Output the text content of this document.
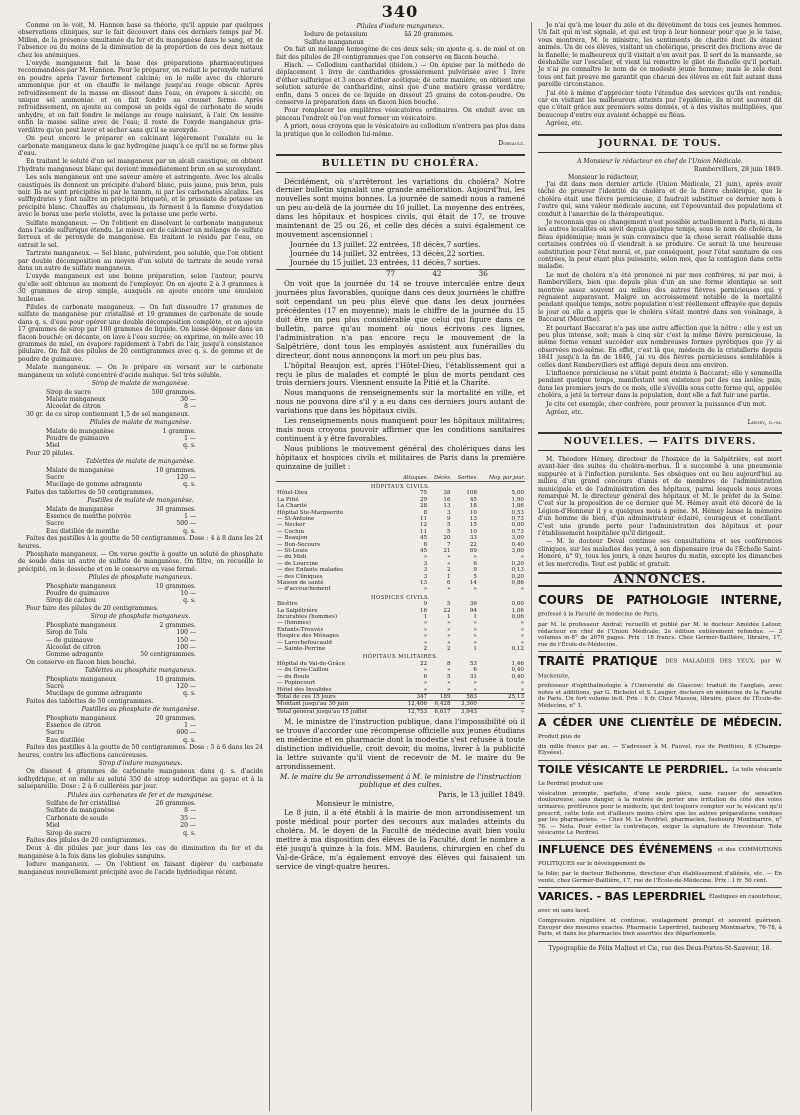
340

Comme on le voit, M. Hannon base sa théorie, qu'il appuie par quelques observations cliniques, sur le fait découvert dans ces derniers temps par M. Millon, de la présence simultanée du fer et du manganèse dans le sang, et de l'absence ou du moins de la diminution de la proportion de ces deux métaux chez les anémiques.

L'oxyde manganeux fait la base des préparations pharmaceutiques recommandées par M. Hannon. Pour le préparer, on réduit le peroxyde naturel en poudre après l'avoir fortement calciné; on le mêle avec du chlorure ammonique pur et on chauffe le mélange jusqu'au rouge obscur. Après refroidissement de la masse on dissout dans l'eau, on évapore à siccité; on unique sel ammoniac et on fait fondre au creuset fermé. Après refroidissement, on ajoute au composé un poids égal de carbonate de soude anhydre, et on fait fondre le mélange au rouge naissant, à l'air. On lessive enfin la masse saline avec de l'eau; il reste de l'oxyde manganeux gris-verdâtre qu'on peut laver et sécher sans qu'il se suroxyde.

On peut encore le préparer en calcinant légèrement l'oxalate ou le carbonate manganeux dans le gaz hydrogène jusqu'à ce qu'il ne se forme plus d'eau.

En traitant le soluté d'un sel manganeux par un alcali caustique, on obtient l'hydrate manganeux blanc qui devient immédiatement brun en se suroxydant.

Les sels manganeux ont une saveur amère et astringente. Avec les alcalis caustiques ils donnent un précipité d'abord blanc, puis jaune, puis brun, puis noir. Ils ne sont précipités ni par le tannin, ni par les carbonates alcalins. Les sulfhydrates y font naître un précipité briqueté, et le prussiate de potasse un précipité blanc. Chauffés au chalumeau, ils forment à la flamme d'oxydation avec le borax une perle violette, avec la potasse une perle verte.

Sulfate manganeux. — On l'obtient en dissolvant le carbonate manganeux dans l'acide sulfurique étendu. Le mieux est de calciner un mélange de sulfate ferreux et de peroxyde de manganèse. En traitant le résidu par l'eau, on extrait le sel.

Tartrate manganeux. — Sel blanc, pulvérulent, peu soluble, que l'on obtient par double décomposition au moyen d'un soluté de tartrate de soude versé dans un autre de sulfate manganeux.

L'oxyde manganeux est une bonne préparation, selon l'auteur, pourvu qu'elle soit obtenue au moment de l'employer. On en ajoute 2 à 3 grammes à 30 grammes de sirop simple, auxquels on ajoute encore une émulsion huileuse.

Pilules de carbonate manganeux. — On fait dissoudre 17 grammes de sulfate de manganèse pur cristallisé et 19 grammes de carbonate de soude dans q. s. d'eau pour opérer une double décomposition complète, et on ajoute 17 grammes de sirop par 100 grammes de liquide. On laisse déposer dans un flacon bouché; on décante, on lave à l'eau sucrée; on exprime, on mêle avec 10 grammes de miel, on évapore rapidement à l'abri de l'air, jusqu'à consistance pilulaire. On fait des pilules de 20 centigrammes avec q. s. de gomme et de poudre de guimauve.

Malate manganeux. — On le prépare en versant sur le carbonate manganeux un soluté concentré d'acide malique. Sel très soluble.

Sirop de malate de manganèse.
Sirop de sucre	500 grammes.
Malate manganeux	30 —
Alcoolat de citron	8 —

30 gr. de ce sirop contiennent 1,5 de sel manganeux.

Pilules de malate de manganèse.
Malate de manganèse	1 gramme.
Poudre de guimauve	1 —
Miel	q. s.

Pour 20 pilules.

Tablettes de malate de manganèse.
Malate de manganèse	10 grammes.
Sucre	120 —
Mucilage de gomme adragante	q. s.

Faites des tablettes de 50 centigrammes.

Pastilles de malate de manganèse.
Malate de manganèse	30 grammes.
Essence de menthe poivrée	1 —
Sucre	500 —
Eau distillée de menthe	q. s.

Faites des pastilles à la goutte de 50 centigrammes. Dose : 4 à 8 dans les 24 heures.

Phosphate manganeux. — On verse goutte à goutte un soluté de phosphate de soude dans un autre de sulfate de manganèse. On filtre, on recueille le précipité, on le dessèche et on le conserve en vase fermé.

Pilules de phosphate manganeux.
Phosphate manganeux	10 grammes.
Poudre de guimauve	10 —
Sirop de cachou	q. s.

Pour faire des pilules de 20 centigrammes.

Sirop de phosphate manganeux.
Phosphate manganeux	2 grammes.
Sirop de Tolu	100 —
— de guimauve	150 —
Alcoolat de citron	100 —
Gomme adragante	50 centigrammes.

On conserve en flacon bien bouché.

Tablettes au phosphate manganeux.
Phosphate manganeux	10 grammes.
Sucre	120 —
Mucilage de gomme adragante	q. s.

Faites des tablettes de 50 centigrammes.

Pastilles au phosphate de manganèse.
Phosphate manganeux	20 grammes.
Essence de citron	1 —
Sucre	600 —
Eau distillée	q. s.

Faites des pastilles à la goutte de 50 centigrammes. Dose : 5 à 6 dans les 24 heures, contre les affections cancéreuses.

Sirop d'iodure manganeux.

On dissout 4 grammes de carbonate manganeux dans q. s. d'acide iodhydrique, et on mêle au soluté 350 de sirop sudorifique au gayac et à la salsepareille. Dose : 2 à 6 cuillerées par jour.

Pilules aux carbonates de fer et de manganèse.
Sulfate de fer cristallisé	26 grammes.
Sulfate de manganèse	8 —
Carbonate de soude	35 —
Miel	20 —
Sirop de sucre	q. s.

Faites des pilules de 20 centigrammes.

Deux à dix pilules par jour dans les cas de diminution du fer et du manganèse à la fois dans les globules sanguins.

Iodure manganeux. — On l'obtient en faisant digérer du carbonate manganeux nouvellement précipité avec de l'acide hydriodique récent.

Pilules d'iodure manganeux.
Iodure de potassium	ãã 20 grammes.
Sulfate manganeux

On fait un mélange homogène de ces deux sels; on ajoute q. s. de miel et on fait des pilules de 20 centigrammes que l'on conserve en flacon bouché.

Hisch. — Collodium cantharidal (ibidem.) — On épuise par la méthode de déplacement 1 livre de cantharides grossièrement pulvérisée avec 1 livre d'éther sulfurique et 3 onces d'éther acétique; de cette manière, on obtient une solution saturée de cantharidine, ainsi que d'une matière grasse verdâtre; enfin, dans 5 onces de ce liquide on dissout 25 grains de coton-poudre. On conserve la préparation dans un flacon bien bouché.

Pour remplacer les emplâtres vésicatoires ordinaires. On enduit avec un pinceau l'endroit où l'on veut former un vésicatoire.

A priori, nous croyons que le vésicatoire au collodium n'entrera pas plus dans la pratique que le collodion lui-même.

Dorvault.
BULLETIN DU CHOLÉRA.

Décidément, où s'arrêteront les variations du choléra? Notre dernier bulletin signalait une grande amélioration. Aujourd'hui, les nouvelles sont moins bonnes. La journée de samedi nous a ramené un peu au-delà de la journée du 10 juillet. La moyenne des entrées, dans les hôpitaux et hospices civils, qui était de 17, se trouve maintenant de 25 ou 26, et celle des décès a suivi également ce mouvement ascensionnel :

Journée du 13 juillet. 22 entrées, 18 décès, 7 sorties.
Journée du 14 juillet. 32 entrées, 13 décès, 22 sorties.
Journée du 15 juillet. 23 entrées, 11 décès, 7 sorties.
77	42	36

On voit que la journée du 14 se trouve intercalée entre deux journées plus favorables, quoique dans ces deux journées le chiffre soit cependant un peu plus élevé que dans les deux journées précédentes (17 en moyenne); mais le chiffre de la journée du 15 doit être un peu plus considérable que celui qui figure dans ce bulletin, parce qu'au moment où nous écrivons ces lignes, l'administration n'a pas encore reçu le mouvement de la Salpêtrière, dont tous les employés assistent aux funérailles du directeur, dont nous annonçons la mort un peu plus bas.

L'hôpital Beaujon est, après l'Hôtel-Dieu, l'établissement qui a reçu le plus de malades et compté le plus de morts pendant ces trois derniers jours. Viennent ensuite la Pitié et la Charité.

Nous manquons de renseignements sur la mortalité en ville, et nous ne pouvons dire s'il y a eu dans ces derniers jours autant de variations que dans les hôpitaux civils.

Les renseignements nous manquent pour les hôpitaux militaires; mais nous croyons pouvoir affirmer que les conditions sanitaires continuent à y être favorables.

Nous publions le mouvement général des cholériques dans les hôpitaux et hospices civils et militaires de Paris dans la première quinzaine de juillet :

	Attaques.	Décès.	Sorties.	Moy. par jour.
HÔPITAUX CIVILS.				
Hôtel-Dieu	75	38	108	5,00
La Pitié	29	16	45	1,90
La Charité	28	13	18	1,86
Hôpital Ste-Marguerite	8	3	10	0,53
— St-Antoine	11	9	13	0,73
— Necker	12	5	15	0,80
— Cochin	11	5	10	0,73
— Beaujon	45	20	33	3,00
— Bon-Secours	6	7	22	0,40
— St-Louis	45	21	69	3,00
— du Midi	»	»	»	»
— de Lourcine	3	»	6	0,20
— des Enfants malades	3	2	9	0,13
— des Cliniques	3	1	5	0,20
Maison de santé	13	6	14	0,86
— d'accouchement	»	»	»	»
HOSPICES CIVILS.				
Bicêtre	9	5	36	0,60
La Salpêtrière	16	22	94	1,06
Incurables (hommes)	1	1	1	0,06
— (femmes)	»	»	»	»
Enfants-Trouvés	»	»	»	»
Hospice des Ménages	»	»	»	»
— Larochefoucauld	»	»	»	»
— Sainte-Perrine	2	2	1	0,12
HÔPITAUX MILITAIRES.				
Hôpital du Val-de-Grâce	22	8	53	1,46
— du Gros-Caillou	»	»	6	0,40
— du Roule	6	5	31	0,40
— Popincourt	»	»	»	»
Hôtel des Invalides	»	»	»	»
Total de ces 15 jours	347	189	583	25,13
Montant jusqu'au 30 juin	12,406	6,428	3,360	»
Total général jusqu'au 15 juillet	12,753	6,617	3,943	»

M. le ministre de l'instruction publique, dans l'impossibilité où il se trouve d'accorder une récompense officielle aux jeunes étudians en médecine et en pharmacie dont la modestie s'est refusée à toute distinction individuelle, croit devoir, du moins, livrer à la publicité la lettre suivante qu'il vient de recevoir de M. le maire du 9e arrondissement.

M. le maire du 9e arrondissement à M. le ministre de l'instruction publique et des cultes.
Paris, le 13 juillet 1849.
Monsieur le ministre,

Le 8 juin, il a été établi à la mairie de mon arrondissement un poste médical pour porter des secours aux malades atteints du choléra. M. le doyen de la Faculté de médecine avait bien voulu mettre à ma disposition des élèves de la Faculté, dont le nombre a été jusqu'à quinze à la fois. MM. Baudens, chirurgien en chef du Val-de-Grâce, m'a également envoyé des élèves qui faisaient un service de vingt-quatre heures.

Je n'ai qu'à me louer du zèle et du dévoûment de tous ces jeunes hommes. Un fait qui m'est signalé, et qui est trop à leur honneur pour que je le taise, vous montrera, M. le ministre, les sentiments de charité dont ils étaient animés. Un de ces élèves, visitant un cholérique, prescrit des frictions avec de la flanelle; le malheureux qu'il visitait n'en avait pas. Il sort de la mansarde, se déshabille sur l'escalier, et vient lui remettre le gilet de flanelle qu'il portait. Je n'ai pu connaître le nom de ce modeste jeune homme; mais le zèle dont tous ont fait preuve me garantit que chacun des élèves en eût fait autant dans pareille circonstance.

J'ai été à même d'apprécier toute l'étendue des services qu'ils ont rendus; car en visitant les malheureux atteints par l'épidémie, ils m'ont souvent dit que c'était grâce aux premiers soins donnés, et à des visites multipliées, que beaucoup d'entre eux avaient échappé au fléau.

Agréez, etc.

JOURNAL DE TOUS.
A Monsieur le rédacteur en chef de l'Union Médicale.
Rambervillers, 28 juin 1849.
Monsieur le rédacteur,

J'ai dit dans mon dernier article (Union Médicale, 21 juin), après avoir tâché de prouver l'identité du choléra et de la fièvre cholérique, que le choléra était une fièvre pernicieuse, il faudrait substituer ce dernier nom à l'autre qui, sans valeur médicale aucune, est l'épouvantail des populations et conduit à l'anarchie de la thérapeutique.

Je reconnais que ce changement n'est possible actuellement à Paris, ni dans les autres localités où sévit depuis quelque temps, sous le nom de choléra, le fléau épidémique; mais je suis convaincu que la chose serait réalisable dans certaines contrées où il viendrait à se produire. Ce serait là une heureuse substitution pour l'état moral, et, par conséquent, pour l'état sanitaire de ces contrées, la peur étant plus puissante, selon moi, que la contagion dans cette maladie.

Le mot de choléra n'a été prononcé ni par mes confrères, ni par moi, à Rambervillers, bien que depuis plus d'un an une forme identique se soit montrée assez souvent au milieu des autres fièvres pernicieuses qui y régnaient auparavant. Malgré un accroissement notable de la mortalité pendant quelque temps, notre population n'est réellement effrayée que depuis le jour où elle a appris que le choléra s'était montré dans son voisinage, à Baccarat (Meurthe).

Et pourtant Baccarat n'a pas une autre affection que la nôtre : elle y est un peu plus intense, soit; mais à cinq sûr c'est la même fièvre pernicieuse, la même forme venant succéder aux nombreuses formes pyrétiques que j'y ai observées moi-même. En effet, c'est là que, médecin de la cristallerie depuis 1841 jusqu'à la fin de 1846, j'ai vu des fièvres pernicieuses semblables à celles dont Rambervillers est affligé depuis deux ans environ.

L'influence pernicieuse ne s'était point éteinte à Baccarat; elle y sommeilla pendant quelque temps, manifestant son existence par des cas isolés; puis, dans les premiers jours de ce mois, elle s'éveilla sous cette forme qui, appelée choléra, a jeté la terreur dans la population, dont elle a fait fuir une partie.

Je cite cet exemple, cher confrère, pour prouver la puissance d'un mot.

Agréez, etc.

Liégey, d.-m.
NOUVELLES. — FAITS DIVERS.

M. Théodore Hémey, directeur de l'hospice de la Salpêtrière, est mort avant-hier des suites du choléra-morbus. Il a succombé à une pneumonie suppurée et à l'infection purulente. Ses obsèques ont eu lieu aujourd'hui au milieu d'un grand concours d'amis et de membres de l'administration municipale et de l'administration des hôpitaux, parmi lesquels nous avons remarqué M. le directeur général des hôpitaux et M. le préfet de la Seine. C'est sur la proposition de ce dernier que M. Hémey avait été décoré de la Légion-d'Honneur il y a quelques mois à peine. M. Hémey laisse la mémoire d'un homme de bien, d'un administrateur éclairé, courageux et conciliant. C'est une grande perte pour l'administration des hôpitaux et pour l'établissement hospitalier qu'il dirigeait.

— M. le docteur Deval continue ses consultations et ses conférences cliniques, sur les maladies des yeux, à son dispensaire (rue de l'Échelle Saint-Honoré, n° 9), tous les jours, à onze heures du matin, excepté les dimanches et les mercredis. Tout est public et gratuit.

ANNONCES.
COURS DE PATHOLOGIE INTERNE, professé à la Faculté de médecine de Paris,
par M. le professeur Andral; recueilli et publié par M. le docteur Amédée Latour, rédacteur en chef de l'Union Médicale; 2e édition entièrement refondue. — 3 volumes in-8° de 2076 pages. Prix : 18 francs. Chez Germer-Baillière, libraire, 17, rue de l'École-de-Médecine.
TRAITÉ PRATIQUE DES MALADIES DES YEUX; par W. Mackenzie,
professeur d'ophthalmologie à l'Université de Glascow; traduit de l'anglais, avec notes et additions, par G. Richelot et S. Laugier, docteurs en médecine de la Faculté de Paris. Un fort volume in-8. Prix : 6 fr. Chez Masson, libraire, place de l'École-de-Médecine, n° 1.
A CÉDER UNE CLIENTÈLE DE MÉDECIN. Produit plus de
dix mille francs par an. — S'adresser à M. Fauvel, rue de Ponthieu, 8 (Champs-Élysées).
TOILE VÉSICANTE LE PERDRIEL. La toile vésicante Le Perdriel produit une
vésication prompte, parfaite, d'une seule pièce, sans causer de sensation douloureuse, sans danger, à la rentrée de porter une irritation du côté des voies urinaires; préférence pour le médecin, qui doit toujours compter sur le vésicant qu'il prescrit, cette toile est d'ailleurs moins chère que les autres préparations vendues par les pharmaciens. — Chez M. Le Perdriel, pharmacien, faubourg Montmartre, n° 76. — Nota. Pour éviter la contrefaçon, exiger la signature de l'inventeur. Toile vésicante Le Perdriel.
INFLUENCE DES ÉVÉNEMENS et des COMMOTIONS POLITIQUES sur le développement de
la folie; par le docteur Belhomme, directeur d'un établissement d'aliénés, etc. — En vente, chez Germer-Baillière, 17, rue de l'École-de-Médecine. Prix : 1 fr. 50 cent.
VARICES. - BAS LEPERDRIEL Élastiques en caoutchouc, avec ou sans lacet.
Compression régulière et continue, soulagement prompt et souvent guérison. Envoyer des mesures exactes. Pharmacie Leperdriel, faubourg Montmartre, 76-78, à Paris, et dans les pharmacies bien assorties des départements.
Typographie de Félix Maltest et Cie, rue des Deux-Portes-St-Sauveur, 18.
